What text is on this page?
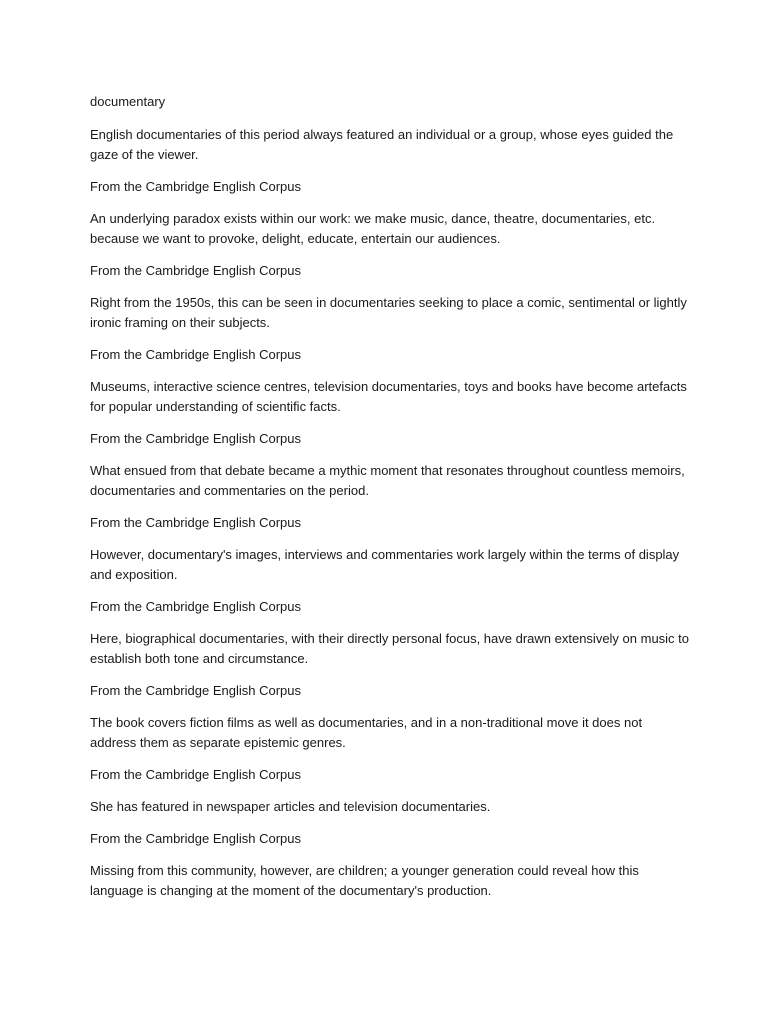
documentary

English documentaries of this period always featured an individual or a group, whose eyes guided the gaze of the viewer.

From the Cambridge English Corpus

An underlying paradox exists within our work: we make music, dance, theatre, documentaries, etc. because we want to provoke, delight, educate, entertain our audiences.

From the Cambridge English Corpus

Right from the 1950s, this can be seen in documentaries seeking to place a comic, sentimental or lightly ironic framing on their subjects.

From the Cambridge English Corpus

Museums, interactive science centres, television documentaries, toys and books have become artefacts for popular understanding of scientific facts.

From the Cambridge English Corpus

What ensued from that debate became a mythic moment that resonates throughout countless memoirs, documentaries and commentaries on the period.

From the Cambridge English Corpus

However, documentary's images, interviews and commentaries work largely within the terms of display and exposition.

From the Cambridge English Corpus

Here, biographical documentaries, with their directly personal focus, have drawn extensively on music to establish both tone and circumstance.

From the Cambridge English Corpus

The book covers fiction films as well as documentaries, and in a non-traditional move it does not address them as separate epistemic genres.

From the Cambridge English Corpus

She has featured in newspaper articles and television documentaries.

From the Cambridge English Corpus

Missing from this community, however, are children; a younger generation could reveal how this language is changing at the moment of the documentary's production.
